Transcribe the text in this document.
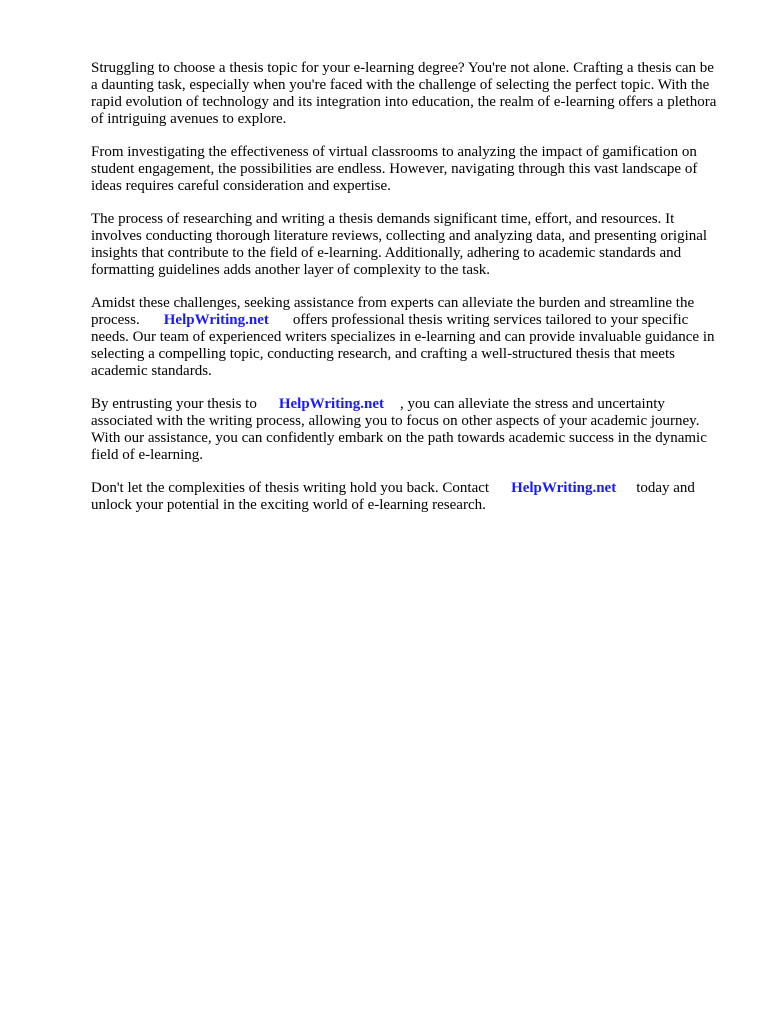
Struggling to choose a thesis topic for your e-learning degree? You're not alone. Crafting a thesis can be a daunting task, especially when you're faced with the challenge of selecting the perfect topic. With the rapid evolution of technology and its integration into education, the realm of e-learning offers a plethora of intriguing avenues to explore.

From investigating the effectiveness of virtual classrooms to analyzing the impact of gamification on student engagement, the possibilities are endless. However, navigating through this vast landscape of ideas requires careful consideration and expertise.

The process of researching and writing a thesis demands significant time, effort, and resources. It involves conducting thorough literature reviews, collecting and analyzing data, and presenting original insights that contribute to the field of e-learning. Additionally, adhering to academic standards and formatting guidelines adds another layer of complexity to the task.

Amidst these challenges, seeking assistance from experts can alleviate the burden and streamline the process. HelpWriting.net offers professional thesis writing services tailored to your specific needs. Our team of experienced writers specializes in e-learning and can provide invaluable guidance in selecting a compelling topic, conducting research, and crafting a well-structured thesis that meets academic standards.

By entrusting your thesis to HelpWriting.net , you can alleviate the stress and uncertainty associated with the writing process, allowing you to focus on other aspects of your academic journey. With our assistance, you can confidently embark on the path towards academic success in the dynamic field of e-learning.

Don't let the complexities of thesis writing hold you back. Contact HelpWriting.net today and unlock your potential in the exciting world of e-learning research.
